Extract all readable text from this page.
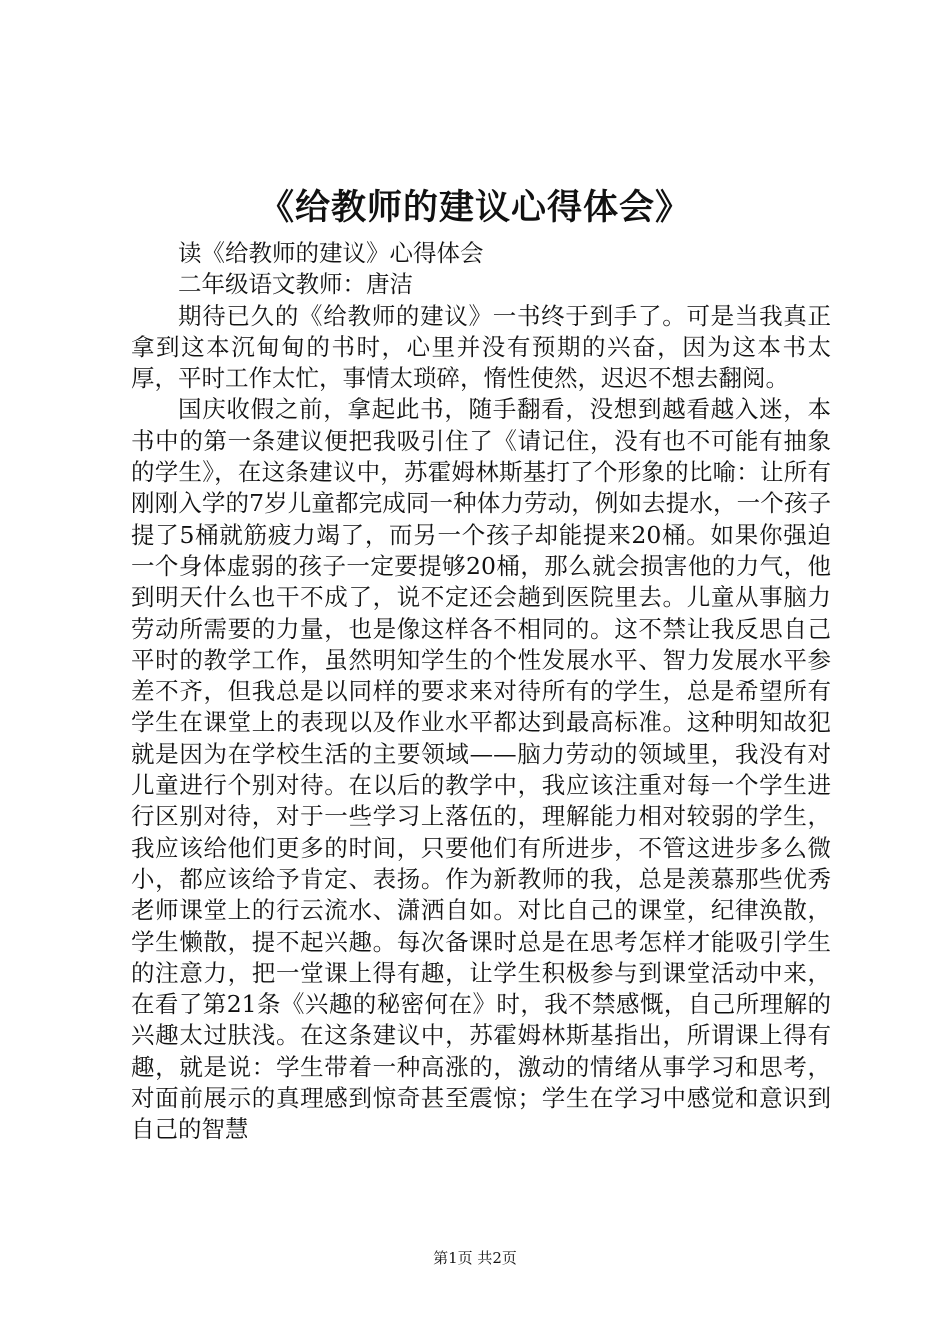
《给教师的建议心得体会》

读《给教师的建议》心得体会

二年级语文教师：唐洁

期待已久的《给教师的建议》一书终于到手了。可是当我真正拿到这本沉甸甸的书时，心里并没有预期的兴奋，因为这本书太厚，平时工作太忙，事情太琐碎，惰性使然，迟迟不想去翻阅。

国庆收假之前，拿起此书，随手翻看，没想到越看越入迷，本书中的第一条建议便把我吸引住了《请记住，没有也不可能有抽象的学生》，在这条建议中，苏霍姆林斯基打了个形象的比喻：让所有刚刚入学的7岁儿童都完成同一种体力劳动，例如去提水，一个孩子提了5桶就筋疲力竭了，而另一个孩子却能提来20桶。如果你强迫一个身体虚弱的孩子一定要提够20桶，那么就会损害他的力气，他到明天什么也干不成了，说不定还会趟到医院里去。儿童从事脑力劳动所需要的力量，也是像这样各不相同的。这不禁让我反思自己平时的教学工作，虽然明知学生的个性发展水平、智力发展水平参差不齐，但我总是以同样的要求来对待所有的学生，总是希望所有学生在课堂上的表现以及作业水平都达到最高标准。这种明知故犯就是因为在学校生活的主要领域——脑力劳动的领域里，我没有对儿童进行个别对待。在以后的教学中，我应该注重对每一个学生进行区别对待，对于一些学习上落伍的，理解能力相对较弱的学生，我应该给他们更多的时间，只要他们有所进步，不管这进步多么微小，都应该给予肯定、表扬。作为新教师的我，总是羡慕那些优秀老师课堂上的行云流水、潇洒自如。对比自己的课堂，纪律涣散，学生懒散，提不起兴趣。每次备课时总是在思考怎样才能吸引学生的注意力，把一堂课上得有趣，让学生积极参与到课堂活动中来，在看了第21条《兴趣的秘密何在》时，我不禁感慨，自己所理解的兴趣太过肤浅。在这条建议中，苏霍姆林斯基指出，所谓课上得有趣，就是说：学生带着一种高涨的，激动的情绪从事学习和思考，对面前展示的真理感到惊奇甚至震惊；学生在学习中感觉和意识到自己的智慧

第1页 共2页
